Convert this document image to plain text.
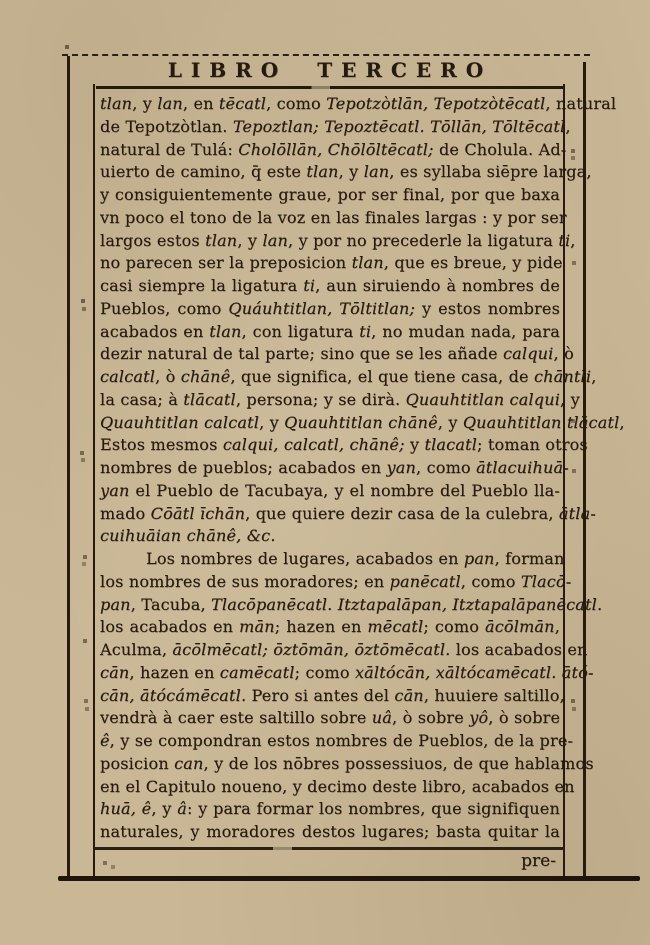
LIBRO TERCERO
tlan, y lan, en tēcatl, como Tepotzòtlān, Tepotzòtēcatl, natural
de Tepotzòtlan. Tepoztlan; Tepoztēcatl. Tōllān, Tōltēcatl,
natural de Tulá: Cholōllān, Chōlōltēcatl; de Cholula. Ad-
uierto de camino, q̄ este tlan, y lan, es syllaba siēpre larga,
y consiguientemente graue, por ser final, por que baxa
vn poco el tono de la voz en las finales largas : y por ser
largos estos tlan, y lan, y por no precederle la ligatura ti,
no parecen ser la preposicion tlan, que es breue, y pide
casi siempre la ligatura ti, aun siruiendo à nombres de
Pueblos, como Quáuhtitlan, Tōltitlan; y estos nombres
acabados en tlan, con ligatura ti, no mudan nada, para
dezir natural de tal parte; sino que se les añade calqui, ò
calcatl, ò chānê, que significa, el que tiene casa, de chāntli,
la casa; à tlācatl, persona; y se dirà. Quauhtitlan calqui, y
Quauhtitlan calcatl, y Quauhtitlan chānê, y Quauhtitlan tlācatl,
Estos mesmos calqui, calcatl, chānê; y tlacatl; toman otros
nombres de pueblos; acabados en yan, como ātlacuihuā-
yan el Pueblo de Tacubaya, y el nombre del Pueblo lla-
mado Cōātl īchān, que quiere dezir casa de la culebra, ātla-
cuihuāian chānê, &c.
Los nombres de lugares, acabados en pan, forman
los nombres de sus moradores; en panēcatl, como Tlacō-
pan, Tacuba, Tlacōpanēcatl. Itztapalāpan, Itztapalāpanēcatl.
los acabados en mān; hazen en mēcatl; como ācōlmān,
Aculma, ācōlmēcatl; ōztōmān, ōztōmēcatl. los acabados en
cān, hazen en camēcatl; como xāltócān, xāltócamēcatl. ātó-
cān, ātócámēcatl. Pero si antes del cān, huuiere saltillo,
vendrà à caer este saltillo sobre uâ, ò sobre yô, ò sobre
ê, y se compondran estos nombres de Pueblos, de la pre-
posicion can, y de los nōbres possessiuos, de que hablamos
en el Capitulo noueno, y decimo deste libro, acabados en
huā, ê, y â: y para formar los nombres, que signifiquen
naturales, y moradores destos lugares; basta quitar la
pre-
